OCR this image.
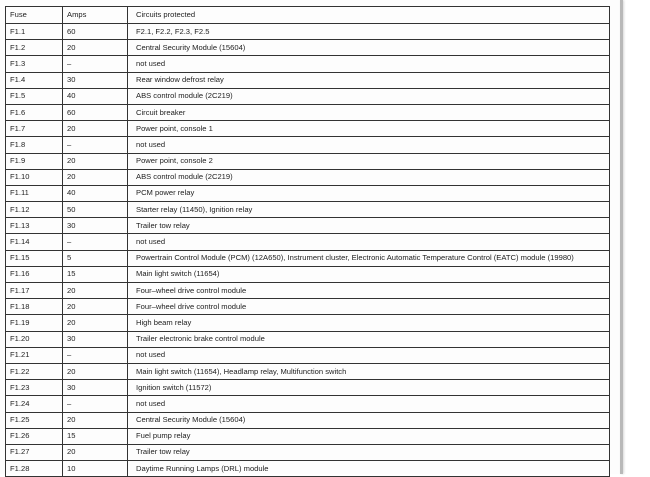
Fuse	Amps	Circuits protected
F1.1	60	F2.1, F2.2, F2.3, F2.5
F1.2	20	Central Security Module (15604)
F1.3	–	not used
F1.4	30	Rear window defrost relay
F1.5	40	ABS control module (2C219)
F1.6	60	Circuit breaker
F1.7	20	Power point, console 1
F1.8	–	not used
F1.9	20	Power point, console 2
F1.10	20	ABS control module (2C219)
F1.11	40	PCM power relay
F1.12	50	Starter relay (11450), Ignition relay
F1.13	30	Trailer tow relay
F1.14	–	not used
F1.15	5	Powertrain Control Module (PCM) (12A650), Instrument cluster, Electronic Automatic Temperature Control (EATC) module (19980)
F1.16	15	Main light switch (11654)
F1.17	20	Four–wheel drive control module
F1.18	20	Four–wheel drive control module
F1.19	20	High beam relay
F1.20	30	Trailer electronic brake control module
F1.21	–	not used
F1.22	20	Main light switch (11654), Headlamp relay, Multifunction switch
F1.23	30	Ignition switch (11572)
F1.24	–	not used
F1.25	20	Central Security Module (15604)
F1.26	15	Fuel pump relay
F1.27	20	Trailer tow relay
F1.28	10	Daytime Running Lamps (DRL) module
